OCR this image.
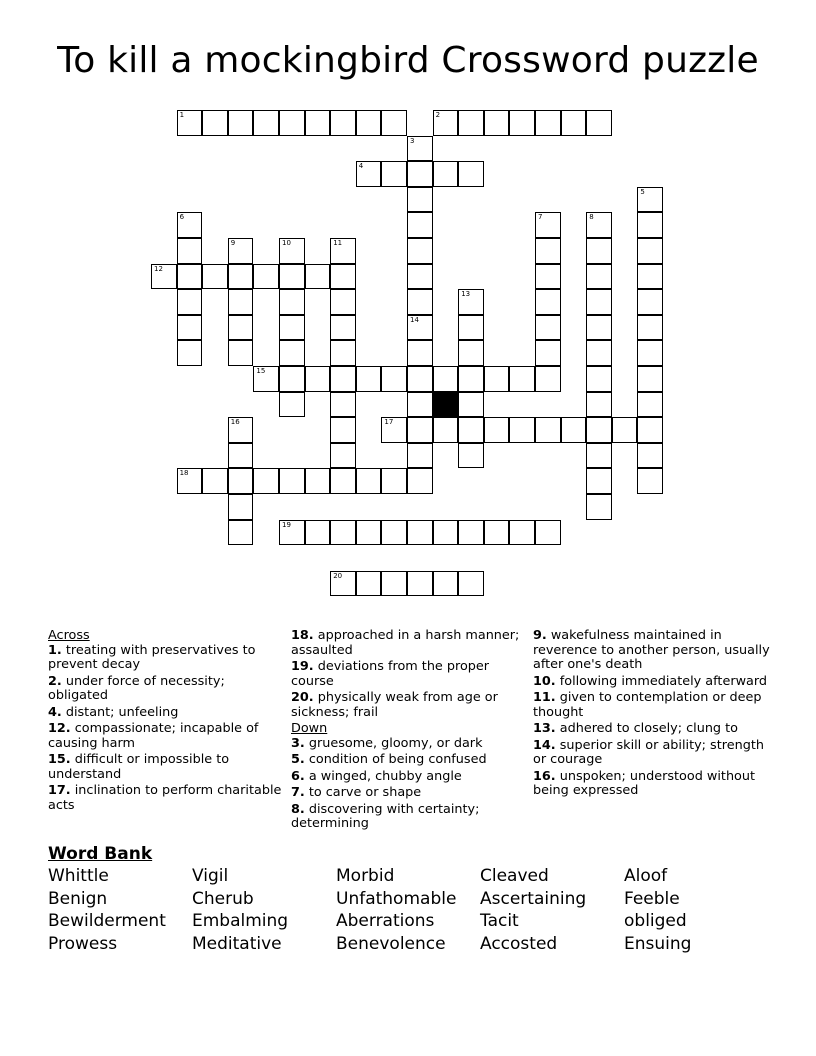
To kill a mockingbird Crossword puzzle
1	2
3
4
5
6	7	8
9	10	11
12
13
14
15
16	17
18
19
20
Across
1. treating with preservatives to prevent decay
2. under force of necessity; obligated
4. distant; unfeeling
12. compassionate; incapable of causing harm
15. difficult or impossible to understand
17. inclination to perform charitable acts
18. approached in a harsh manner; assaulted
19. deviations from the proper course
20. physically weak from age or sickness; frail
Down
3. gruesome, gloomy, or dark
5. condition of being confused
6. a winged, chubby angle
7. to carve or shape
8. discovering with certainty; determining
9. wakefulness maintained in reverence to another person, usually after one's death
10. following immediately afterward
11. given to contemplation or deep thought
13. adhered to closely; clung to
14. superior skill or ability; strength or courage
16. unspoken; understood without being expressed
Word Bank
Whittle	Vigil	Morbid	Cleaved	Aloof
Benign	Cherub	Unfathomable	Ascertaining	Feeble
Bewilderment	Embalming	Aberrations	Tacit	obliged
Prowess	Meditative	Benevolence	Accosted	Ensuing
